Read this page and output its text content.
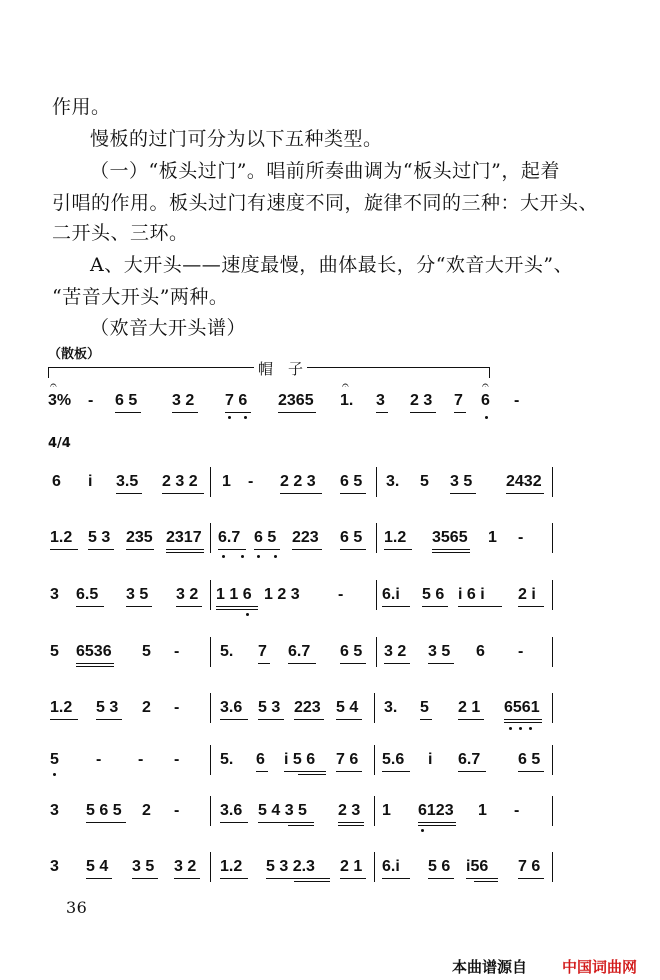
作用。
慢板的过门可分为以下五种类型。
（一）“板头过门”。唱前所奏曲调为“板头过门”，起着
引唱的作用。板头过门有速度不同，旋律不同的三种：大开头、
二开头、三环。
A、大开头——速度最慢，曲体最长，分“欢音大开头”、
“苦音大开头”两种。
（欢音大开头谱）
（散板）
帽　子
𝄐
3% - 6 5 3 2 7 6 2365
𝄐
1. 3 2 3 7
𝄐
6 -
4/4
6 i 3.5 2 3 2 1 - 2 2 3 6 5 3. 5 3 5 2432
1.2 5 3 235 2317 6.7 6 5 223 6 5 1.2 3565 1 -
3 6.5 3 5 3 2 1 1 6 1 2 3 - 6.i 5 6 i 6 i 2 i
5 6536 5 -	5. 7 6.7 6 5 3 2 3 5 6 -
1.2 5 3 2 -	3.6 5 3 223 5 4 3. 5 2 1 6561
5 - - -	5. 6 i 5 6 7 6 5.6 i 6.7 6 5
3 5 6 5 2 -	3.6 5 4 3 5 2 3 1 6123 1 -
3 5 4 3 5 3 2 1.2 5 3 2.3 2 1 6.i 5 6 i56 7 6
36
本曲谱源自 中国词曲网
